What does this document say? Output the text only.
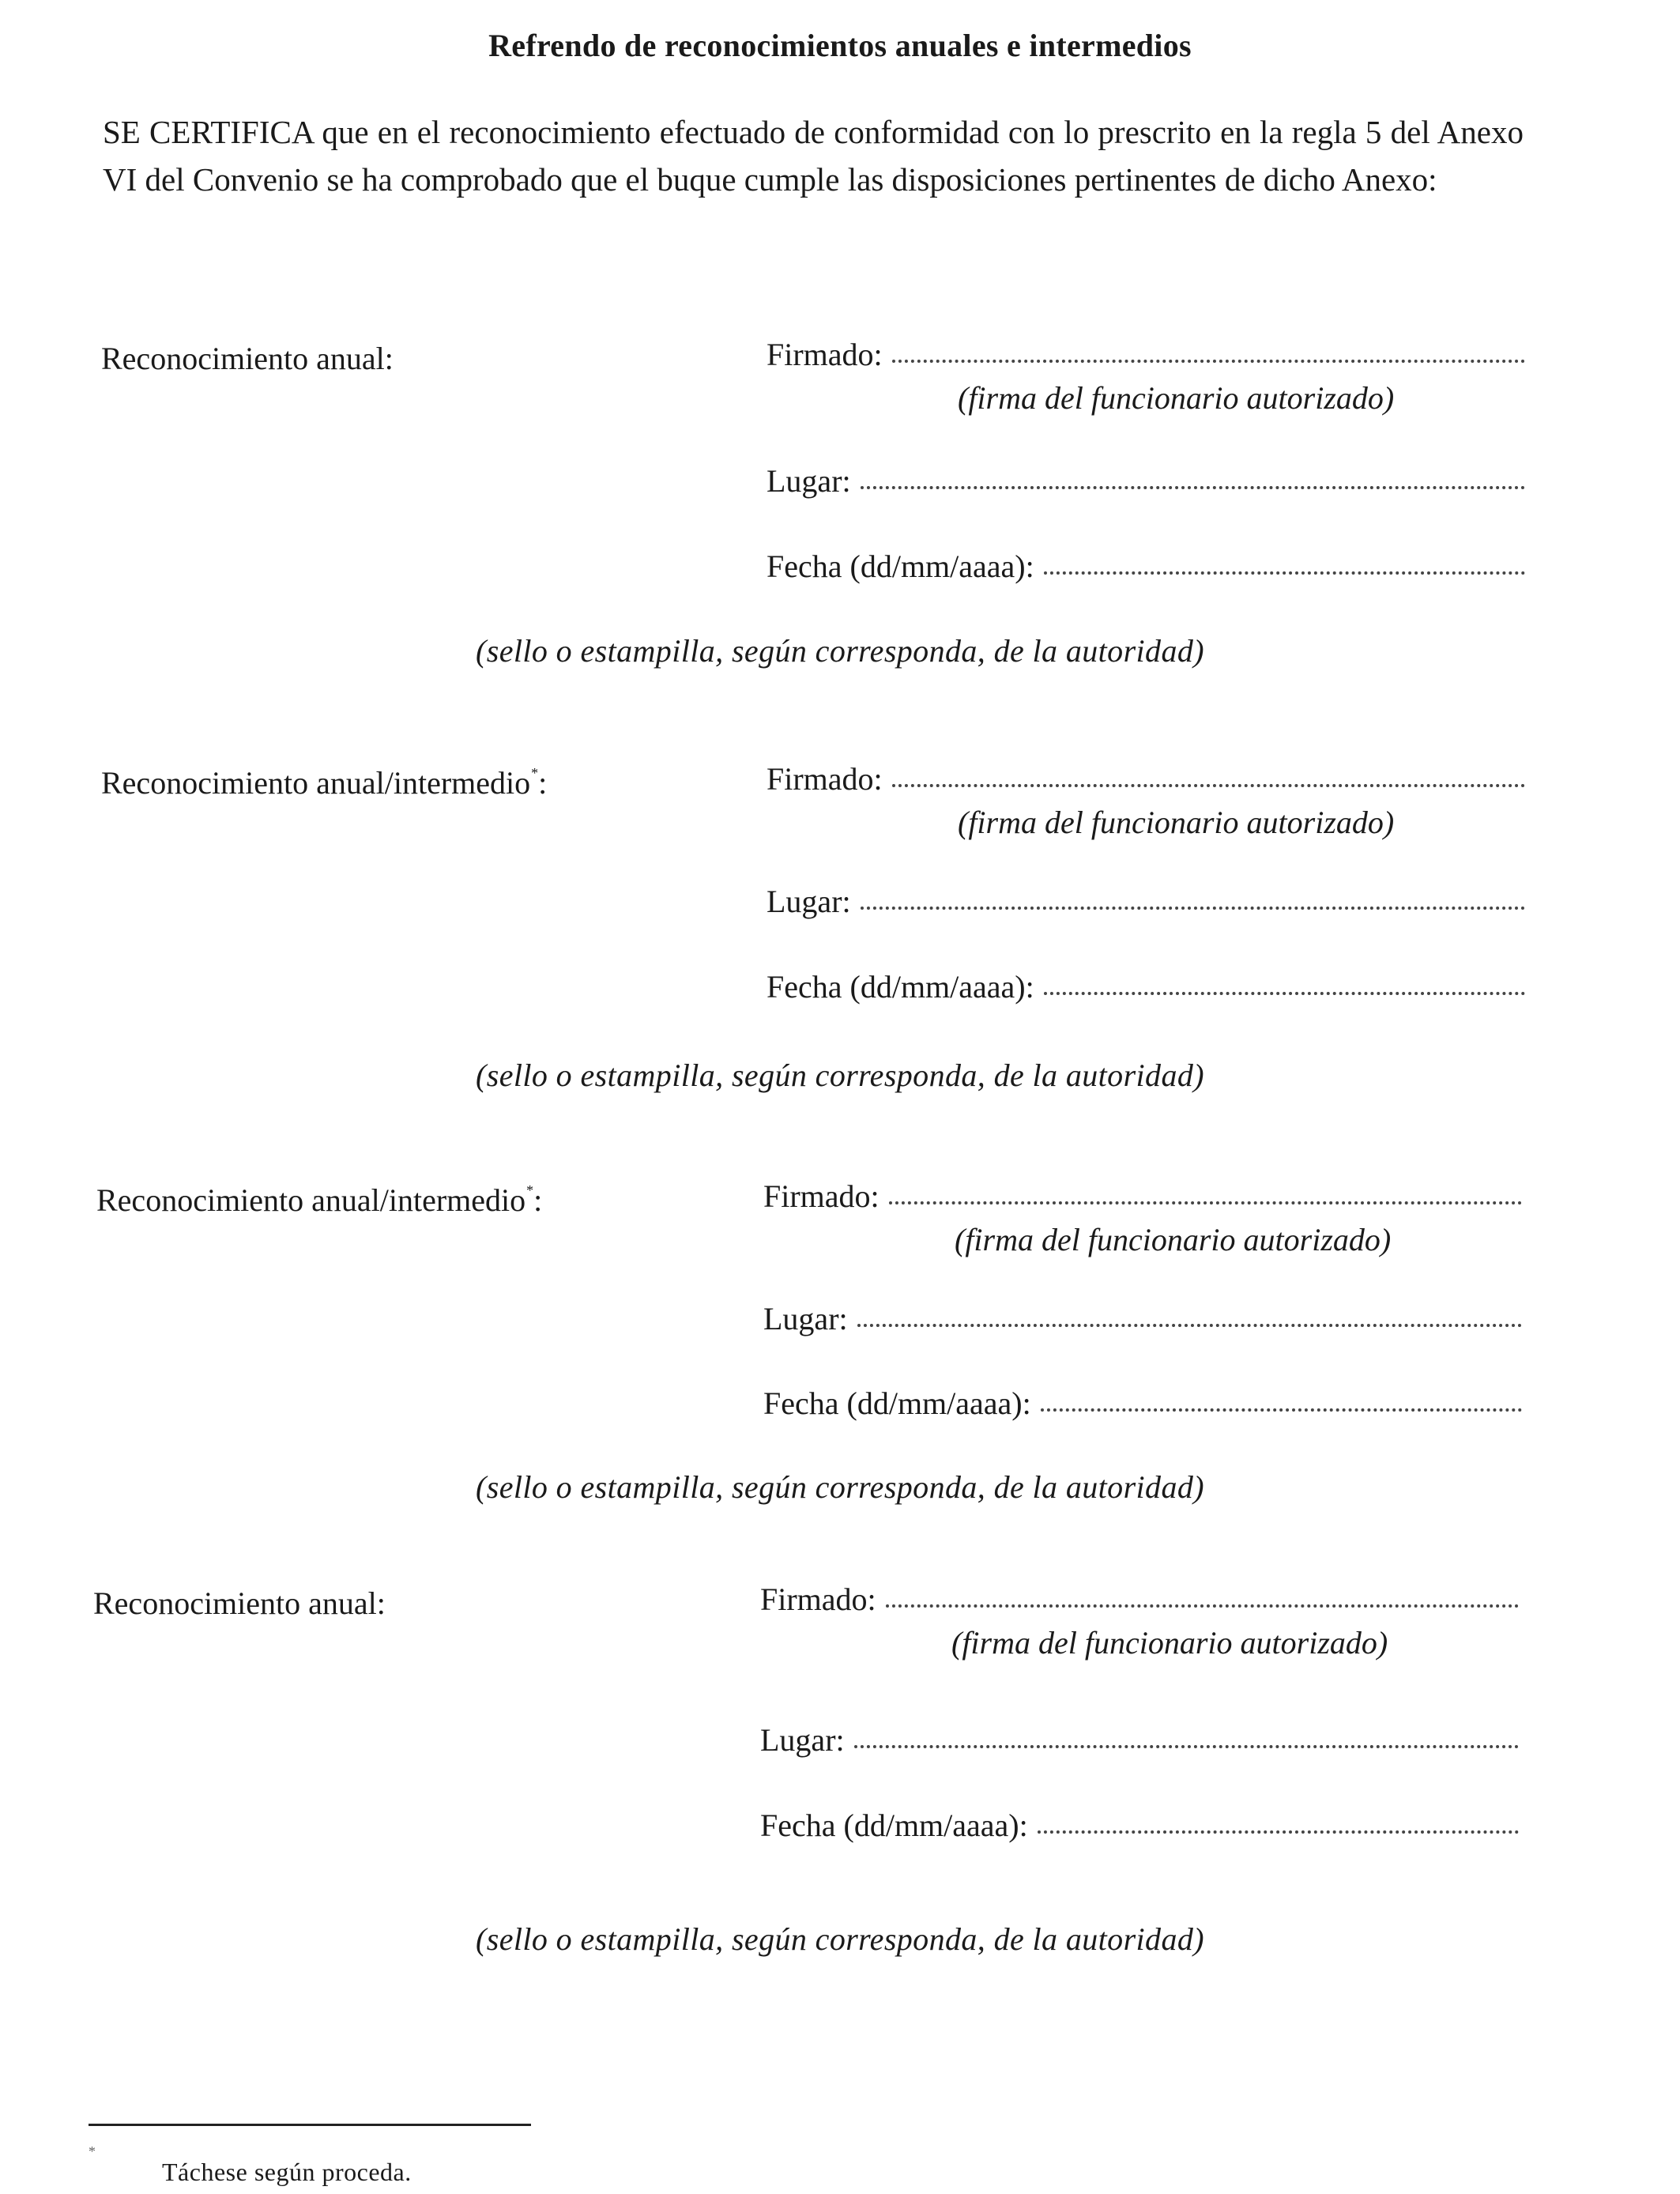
Refrendo de reconocimientos anuales e intermedios

SE CERTIFICA que en el reconocimiento efectuado de conformidad con lo prescrito en la regla 5 del Anexo VI del Convenio se ha comprobado que el buque cumple las disposiciones pertinentes de dicho Anexo:

Reconocimiento anual:	Firmado:
(firma del funcionario autorizado)
Lugar:
Fecha (dd/mm/aaaa):
(sello o estampilla, según corresponda, de la autoridad)
Reconocimiento anual/intermedio*:	Firmado:
(firma del funcionario autorizado)
Lugar:
Fecha (dd/mm/aaaa):
(sello o estampilla, según corresponda, de la autoridad)
Reconocimiento anual/intermedio*:	Firmado:
(firma del funcionario autorizado)
Lugar:
Fecha (dd/mm/aaaa):
(sello o estampilla, según corresponda, de la autoridad)
Reconocimiento anual:	Firmado:
(firma del funcionario autorizado)
Lugar:
Fecha (dd/mm/aaaa):
(sello o estampilla, según corresponda, de la autoridad)
*
Táchese según proceda.
